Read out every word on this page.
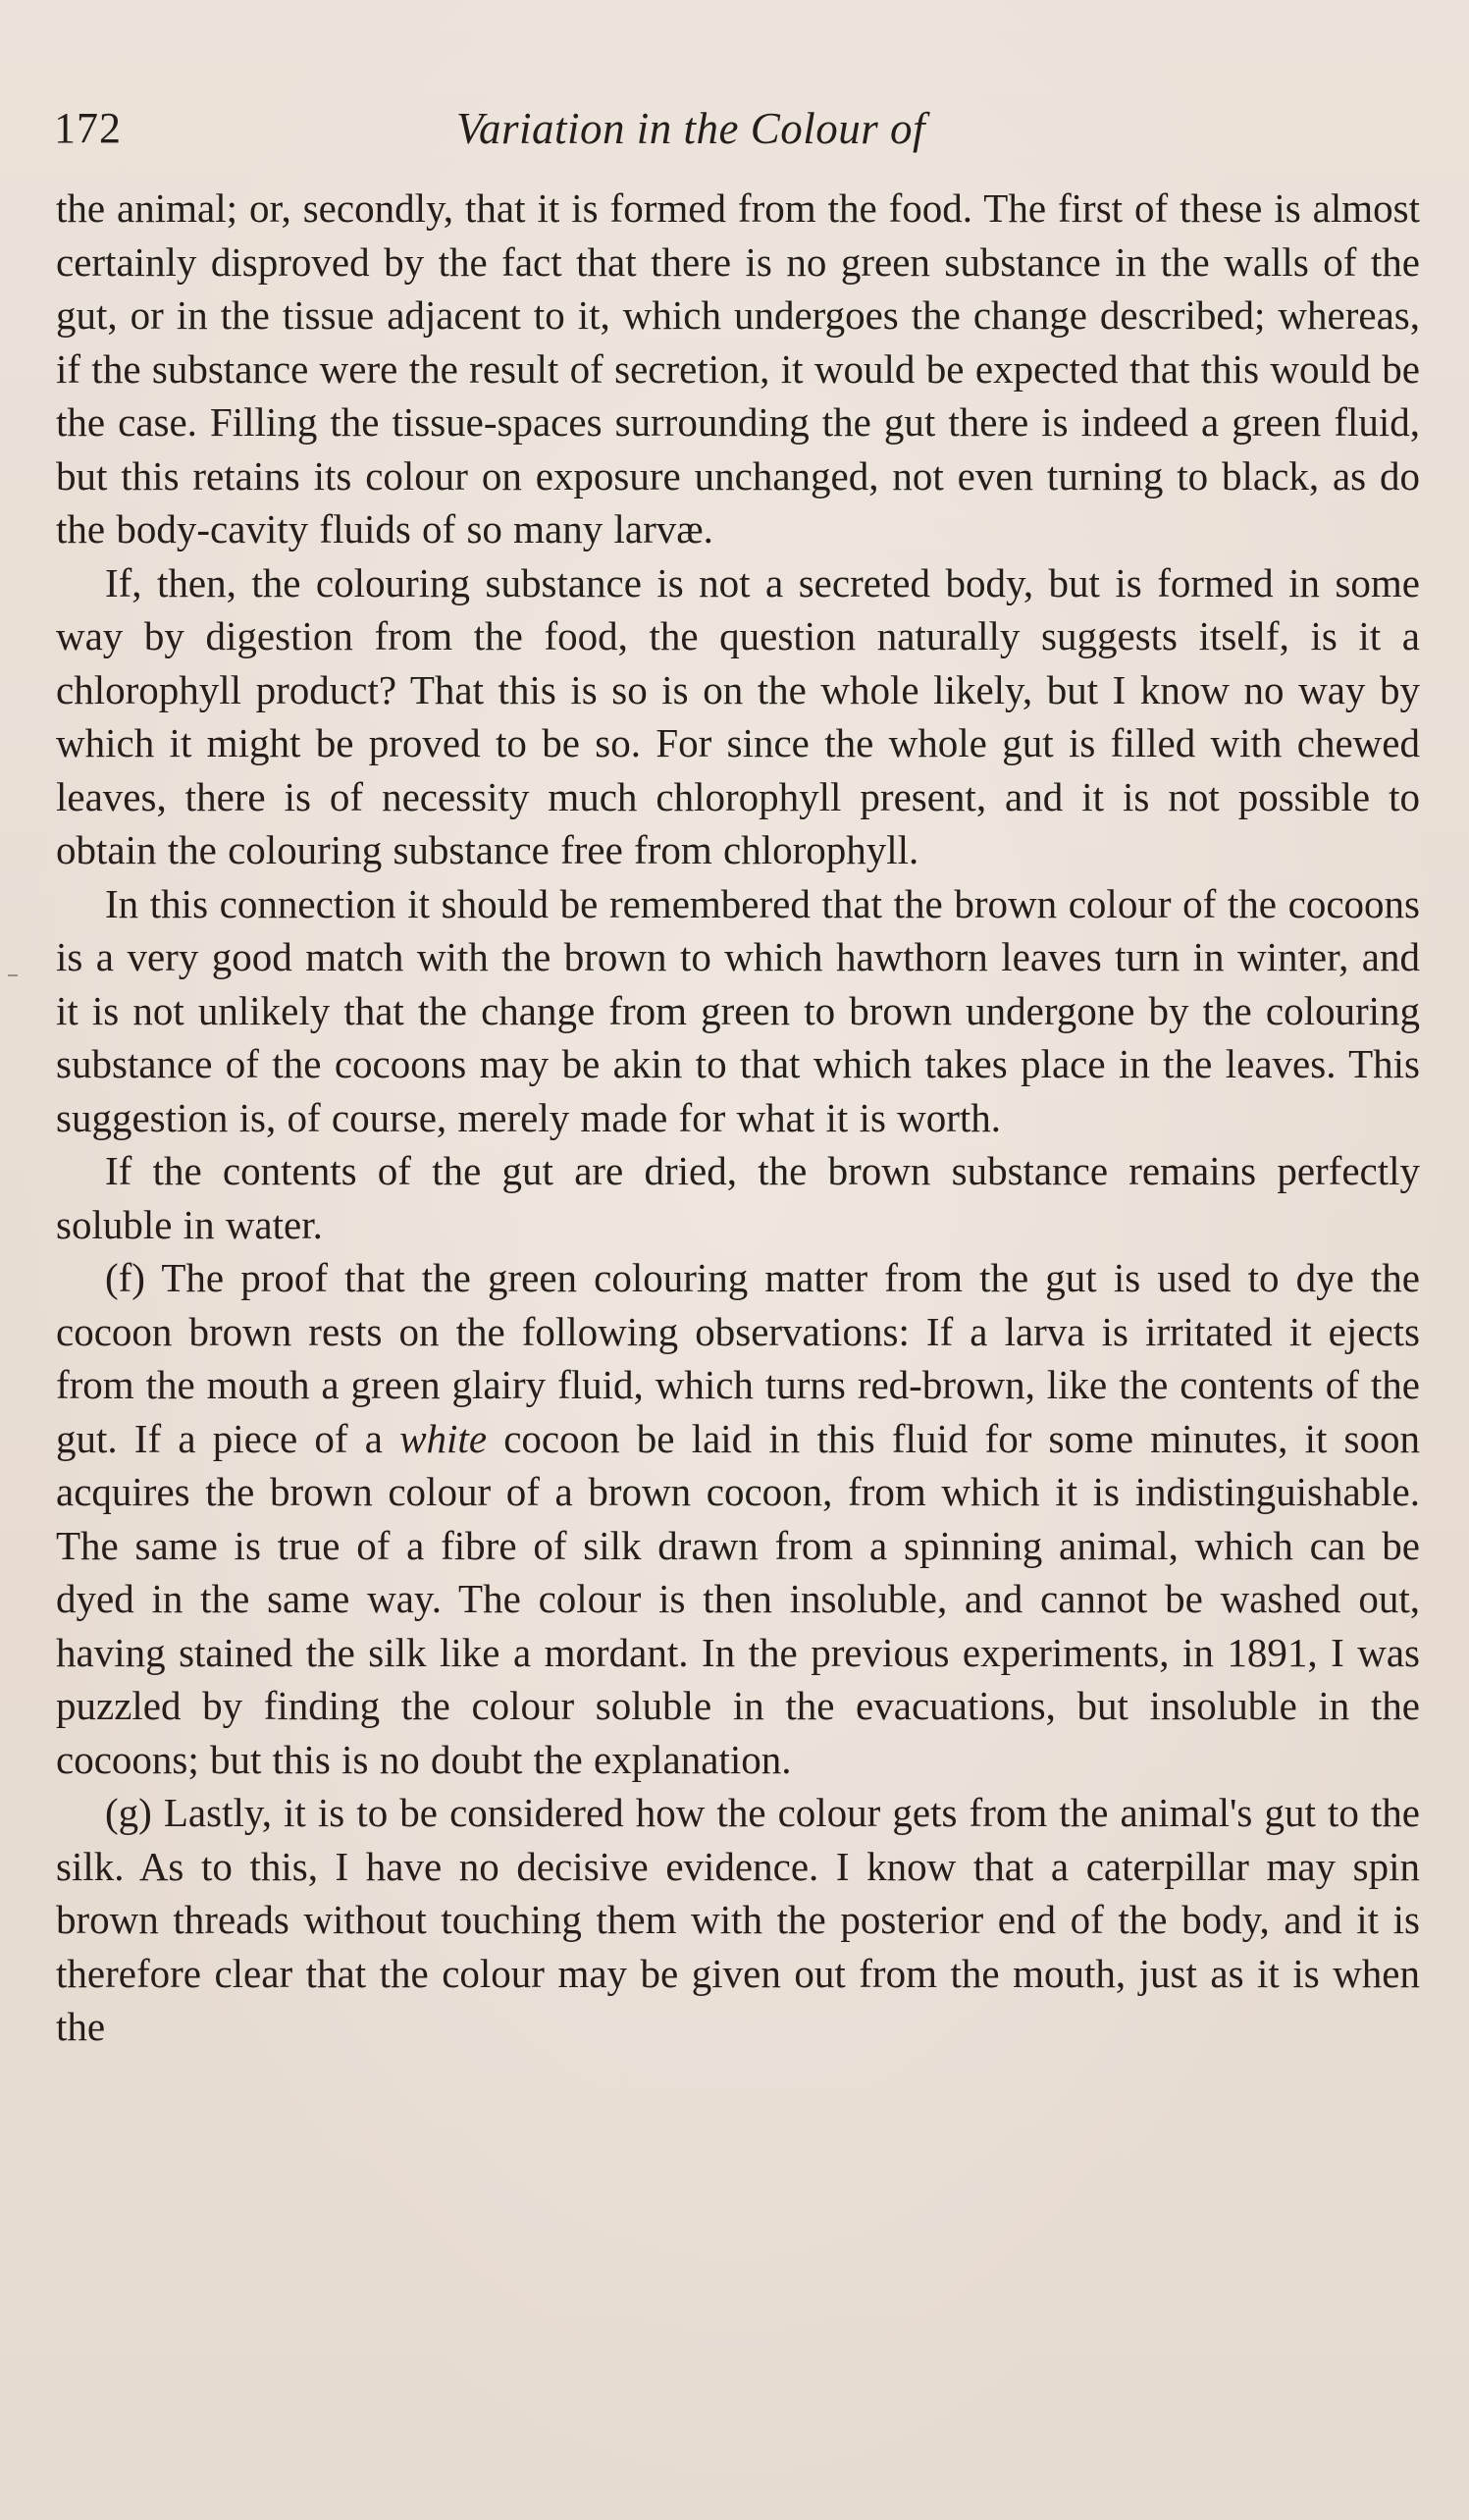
172	Variation in the Colour of

the animal; or, secondly, that it is formed from the food. The first of these is almost certainly disproved by the fact that there is no green substance in the walls of the gut, or in the tissue adjacent to it, which undergoes the change described; whereas, if the substance were the result of secretion, it would be expected that this would be the case. Filling the tissue-spaces surrounding the gut there is indeed a green fluid, but this retains its colour on exposure unchanged, not even turning to black, as do the body-cavity fluids of so many larvæ.

If, then, the colouring substance is not a secreted body, but is formed in some way by digestion from the food, the question naturally suggests itself, is it a chlorophyll product? That this is so is on the whole likely, but I know no way by which it might be proved to be so. For since the whole gut is filled with chewed leaves, there is of necessity much chlorophyll present, and it is not possible to obtain the colouring substance free from chlorophyll.

In this connection it should be remembered that the brown colour of the cocoons is a very good match with the brown to which hawthorn leaves turn in winter, and it is not unlikely that the change from green to brown undergone by the colouring substance of the cocoons may be akin to that which takes place in the leaves. This suggestion is, of course, merely made for what it is worth.

If the contents of the gut are dried, the brown substance remains perfectly soluble in water.

(f) The proof that the green colouring matter from the gut is used to dye the cocoon brown rests on the following observations: If a larva is irritated it ejects from the mouth a green glairy fluid, which turns red-brown, like the contents of the gut. If a piece of a white cocoon be laid in this fluid for some minutes, it soon acquires the brown colour of a brown cocoon, from which it is indistinguishable. The same is true of a fibre of silk drawn from a spinning animal, which can be dyed in the same way. The colour is then insoluble, and cannot be washed out, having stained the silk like a mordant. In the previous experiments, in 1891, I was puzzled by finding the colour soluble in the evacuations, but insoluble in the cocoons; but this is no doubt the explanation.

(g) Lastly, it is to be considered how the colour gets from the animal's gut to the silk. As to this, I have no decisive evidence. I know that a caterpillar may spin brown threads without touching them with the posterior end of the body, and it is therefore clear that the colour may be given out from the mouth, just as it is when the
